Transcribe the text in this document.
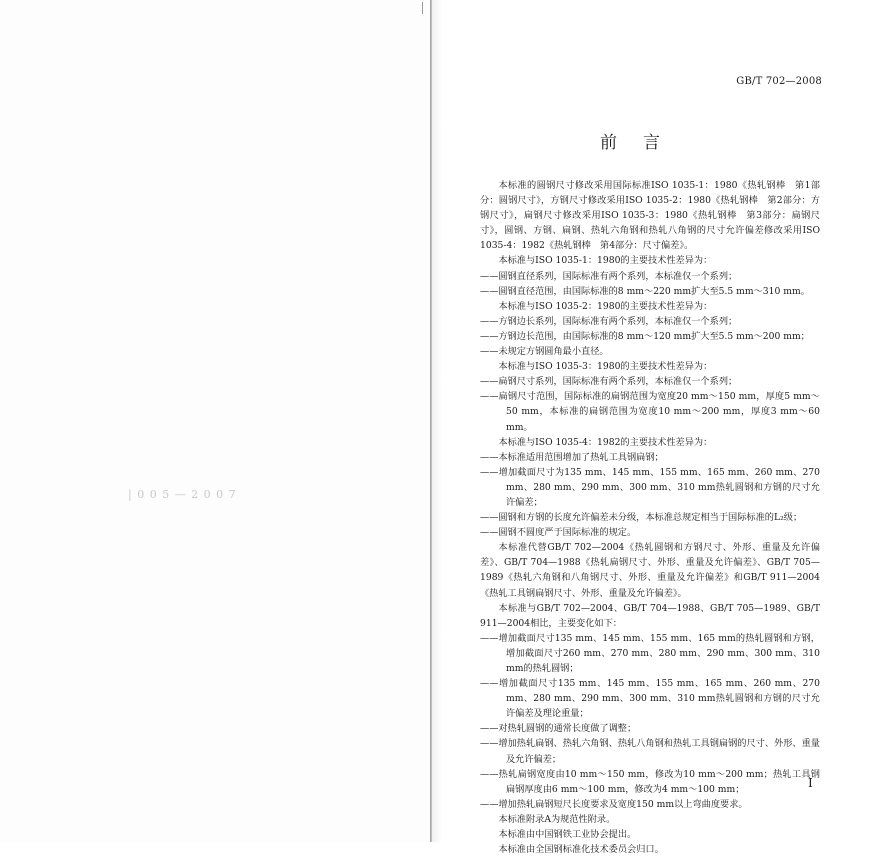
| 0 0 5 — 2 0 0 7
GB/T 702—2008
前言

本标准的圆钢尺寸修改采用国际标准ISO 1035-1：1980《热轧钢棒　第1部分：圆钢尺寸》，方钢尺寸修改采用ISO 1035-2：1980《热轧钢棒　第2部分：方钢尺寸》，扁钢尺寸修改采用ISO 1035-3：1980《热轧钢棒　第3部分：扁钢尺寸》，圆钢、方钢、扁钢、热轧六角钢和热轧八角钢的尺寸允许偏差修改采用ISO 1035-4：1982《热轧钢棒　第4部分：尺寸偏差》。

本标准与ISO 1035-1：1980的主要技术性差异为：

——圆钢直径系列，国际标准有两个系列，本标准仅一个系列；

——圆钢直径范围，由国际标准的8 mm～220 mm扩大至5.5 mm～310 mm。

本标准与ISO 1035-2：1980的主要技术性差异为：

——方钢边长系列，国际标准有两个系列，本标准仅一个系列；

——方钢边长范围，由国际标准的8 mm～120 mm扩大至5.5 mm～200 mm；

——未规定方钢圆角最小直径。

本标准与ISO 1035-3：1980的主要技术性差异为：

——扁钢尺寸系列，国际标准有两个系列，本标准仅一个系列；

——扁钢尺寸范围，国际标准的扁钢范围为宽度20 mm～150 mm，厚度5 mm～50 mm，本标准的扁钢范围为宽度10 mm～200 mm，厚度3 mm～60 mm。

本标准与ISO 1035-4：1982的主要技术性差异为：

——本标准适用范围增加了热轧工具钢扁钢；

——增加截面尺寸为135 mm、145 mm、155 mm、165 mm、260 mm、270 mm、280 mm、290 mm、300 mm、310 mm热轧圆钢和方钢的尺寸允许偏差；

——圆钢和方钢的长度允许偏差未分级，本标准总规定相当于国际标准的L₂级；

——圆钢不圆度严于国际标准的规定。

本标准代替GB/T 702—2004《热轧圆钢和方钢尺寸、外形、重量及允许偏差》、GB/T 704—1988《热轧扁钢尺寸、外形、重量及允许偏差》、GB/T 705—1989《热轧六角钢和八角钢尺寸、外形、重量及允许偏差》和GB/T 911—2004《热轧工具钢扁钢尺寸、外形、重量及允许偏差》。

本标准与GB/T 702—2004、GB/T 704—1988、GB/T 705—1989、GB/T 911—2004相比，主要变化如下：

——增加截面尺寸135 mm、145 mm、155 mm、165 mm的热轧圆钢和方钢，增加截面尺寸260 mm、270 mm、280 mm、290 mm、300 mm、310 mm的热轧圆钢；

——增加截面尺寸135 mm、145 mm、155 mm、165 mm、260 mm、270 mm、280 mm、290 mm、300 mm、310 mm热轧圆钢和方钢的尺寸允许偏差及理论重量；

——对热轧圆钢的通常长度做了调整；

——增加热轧扁钢、热轧六角钢、热轧八角钢和热轧工具钢扁钢的尺寸、外形、重量及允许偏差；

——热轧扁钢宽度由10 mm～150 mm，修改为10 mm～200 mm；热轧工具钢扁钢厚度由6 mm～100 mm，修改为4 mm～100 mm；

——增加热轧扁钢短尺长度要求及宽度150 mm以上弯曲度要求。

本标准附录A为规范性附录。

本标准由中国钢铁工业协会提出。

本标准由全国钢标准化技术委员会归口。

I
